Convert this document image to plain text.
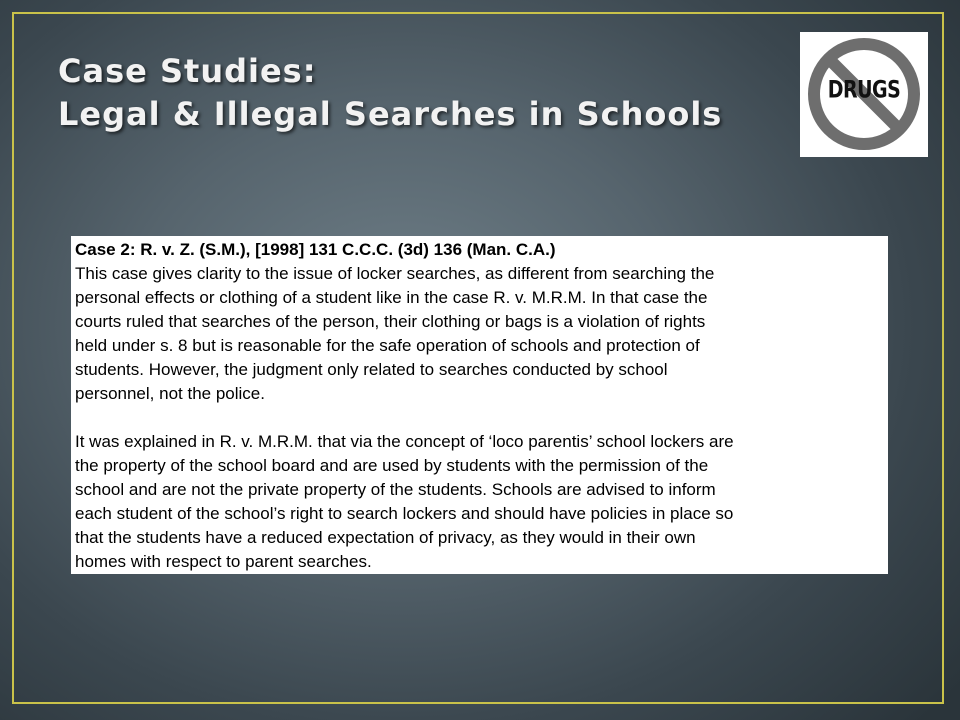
Case Studies:
Legal & Illegal Searches in Schools
DRUGS

Case 2: R. v. Z. (S.M.), [1998] 131 C.C.C. (3d) 136 (Man. C.A.)

This case gives clarity to the issue of locker searches, as different from searching the
personal effects or clothing of a student like in the case R. v. M.R.M. In that case the
courts ruled that searches of the person, their clothing or bags is a violation of rights
held under s. 8 but is reasonable for the safe operation of schools and protection of
students. However, the judgment only related to searches conducted by school
personnel, not the police.

It was explained in R. v. M.R.M. that via the concept of ‘loco parentis’ school lockers are
the property of the school board and are used by students with the permission of the
school and are not the private property of the students. Schools are advised to inform
each student of the school’s right to search lockers and should have policies in place so
that the students have a reduced expectation of privacy, as they would in their own
homes with respect to parent searches.
